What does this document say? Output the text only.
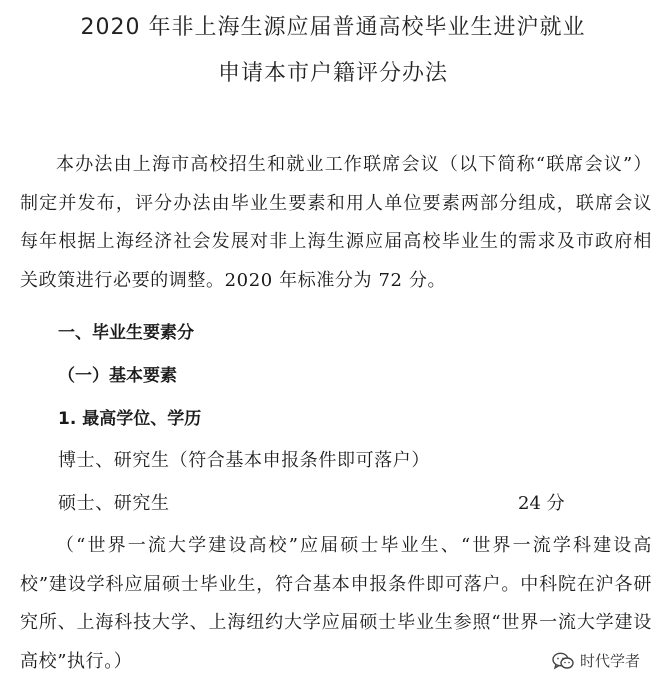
2020 年非上海生源应届普通高校毕业生进沪就业
申请本市户籍评分办法

本办法由上海市高校招生和就业工作联席会议（以下简称“联席会议”）制定并发布，评分办法由毕业生要素和用人单位要素两部分组成，联席会议每年根据上海经济社会发展对非上海生源应届高校毕业生的需求及市政府相关政策进行必要的调整。2020 年标准分为 72 分。

一、毕业生要素分

（一）基本要素

1. 最高学位、学历

博士、研究生（符合基本申报条件即可落户）

硕士、研究生	24 分

（“世界一流大学建设高校”应届硕士毕业生、“世界一流学科建设高校”建设学科应届硕士毕业生，符合基本申报条件即可落户。中科院在沪各研究所、上海科技大学、上海纽约大学应届硕士毕业生参照“世界一流大学建设高校”执行。）	时代学者
